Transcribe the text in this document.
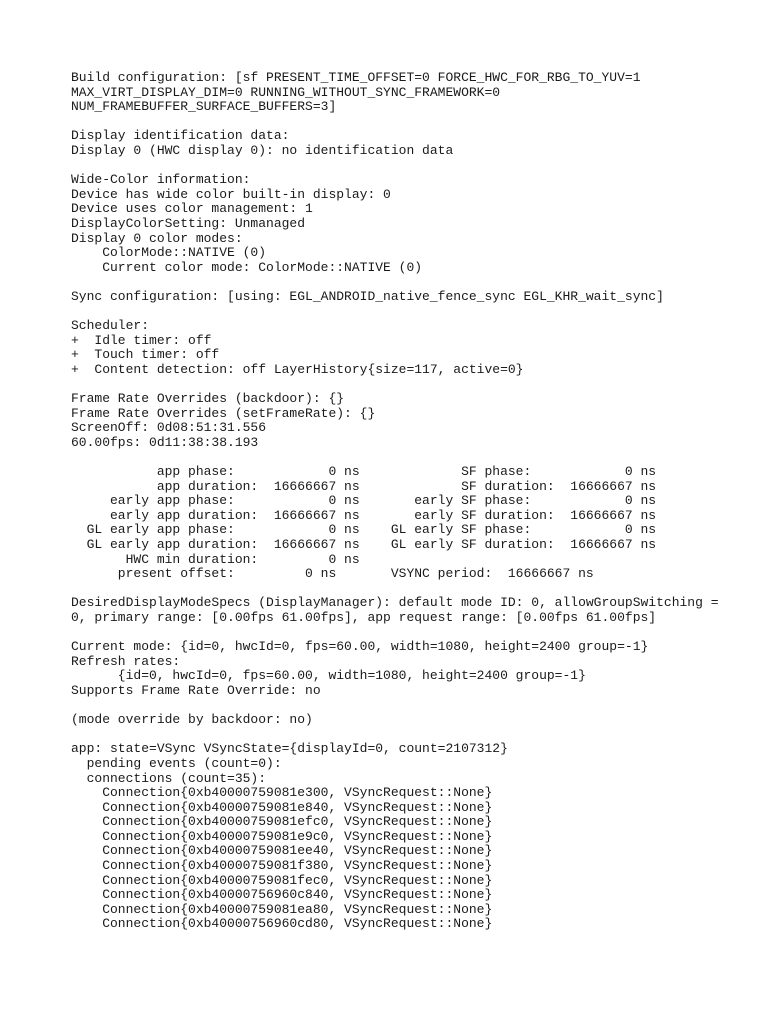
Build configuration: [sf PRESENT_TIME_OFFSET=0 FORCE_HWC_FOR_RBG_TO_YUV=1
MAX_VIRT_DISPLAY_DIM=0 RUNNING_WITHOUT_SYNC_FRAMEWORK=0
NUM_FRAMEBUFFER_SURFACE_BUFFERS=3]
Display identification data:
Display 0 (HWC display 0): no identification data
Wide-Color information:
Device has wide color built-in display: 0
Device uses color management: 1
DisplayColorSetting: Unmanaged
Display 0 color modes:
ColorMode::NATIVE (0)
Current color mode: ColorMode::NATIVE (0)
Sync configuration: [using: EGL_ANDROID_native_fence_sync EGL_KHR_wait_sync]
Scheduler:
+  Idle timer: off
+  Touch timer: off
+  Content detection: off LayerHistory{size=117, active=0}
Frame Rate Overrides (backdoor): {}
Frame Rate Overrides (setFrameRate): {}
ScreenOff: 0d08:51:31.556
60.00fps: 0d11:38:38.193
app phase:            0 ns             SF phase:            0 ns
app duration:  16666667 ns             SF duration:  16666667 ns
early app phase:            0 ns       early SF phase:            0 ns
early app duration:  16666667 ns       early SF duration:  16666667 ns
GL early app phase:            0 ns    GL early SF phase:            0 ns
GL early app duration:  16666667 ns    GL early SF duration:  16666667 ns
HWC min duration:         0 ns
present offset:         0 ns       VSYNC period:  16666667 ns
DesiredDisplayModeSpecs (DisplayManager): default mode ID: 0, allowGroupSwitching =
0, primary range: [0.00fps 61.00fps], app request range: [0.00fps 61.00fps]
Current mode: {id=0, hwcId=0, fps=60.00, width=1080, height=2400 group=-1}
Refresh rates:
{id=0, hwcId=0, fps=60.00, width=1080, height=2400 group=-1}
Supports Frame Rate Override: no
(mode override by backdoor: no)
app: state=VSync VSyncState={displayId=0, count=2107312}
pending events (count=0):
connections (count=35):
Connection{0xb40000759081e300, VSyncRequest::None}
Connection{0xb40000759081e840, VSyncRequest::None}
Connection{0xb40000759081efc0, VSyncRequest::None}
Connection{0xb40000759081e9c0, VSyncRequest::None}
Connection{0xb40000759081ee40, VSyncRequest::None}
Connection{0xb40000759081f380, VSyncRequest::None}
Connection{0xb40000759081fec0, VSyncRequest::None}
Connection{0xb40000756960c840, VSyncRequest::None}
Connection{0xb40000759081ea80, VSyncRequest::None}
Connection{0xb40000756960cd80, VSyncRequest::None}
